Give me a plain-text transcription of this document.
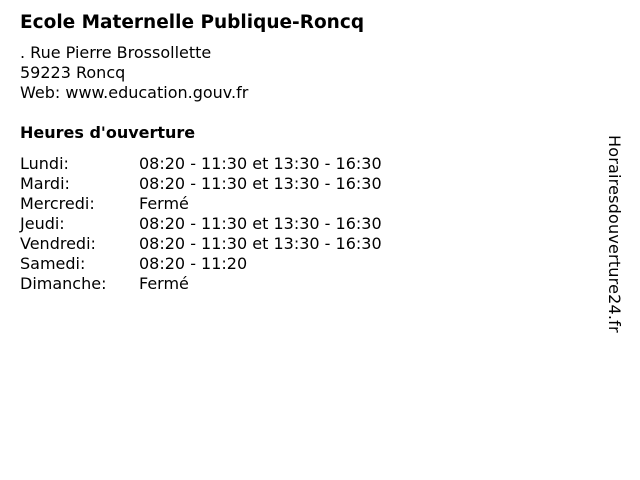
Ecole Maternelle Publique-Roncq
. Rue Pierre Brossollette
59223 Roncq
Web: www.education.gouv.fr
Heures d'ouverture
Lundi:	08:20 - 11:30 et 13:30 - 16:30
Mardi:	08:20 - 11:30 et 13:30 - 16:30
Mercredi:	Fermé
Jeudi:	08:20 - 11:30 et 13:30 - 16:30
Vendredi:	08:20 - 11:30 et 13:30 - 16:30
Samedi:	08:20 - 11:20
Dimanche:	Fermé	Horairesdouverture24.fr
